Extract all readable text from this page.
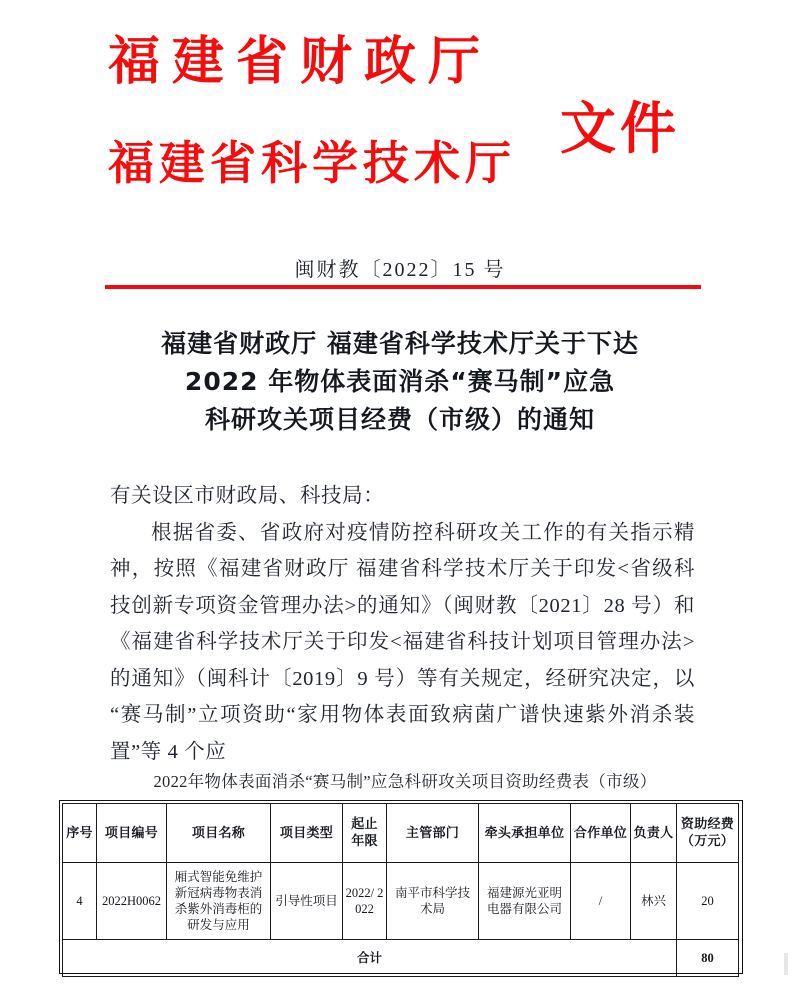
福建省财政厅
福建省科学技术厅
文件
闽财教〔2022〕15 号
福建省财政厅 福建省科学技术厅关于下达
2022 年物体表面消杀“赛马制”应急
科研攻关项目经费（市级）的通知

有关设区市财政局、科技局：

根据省委、省政府对疫情防控科研攻关工作的有关指示精神，按照《福建省财政厅 福建省科学技术厅关于印发<省级科技创新专项资金管理办法>的通知》（闽财教〔2021〕28 号）和《福建省科学技术厅关于印发<福建省科技计划项目管理办法>的通知》（闽科计〔2019〕9 号）等有关规定，经研究决定，以“赛马制”立项资助“家用物体表面致病菌广谱快速紫外消杀装置”等 4 个应

2022年物体表面消杀“赛马制”应急科研攻关项目资助经费表（市级）
序号	项目编号	项目名称	项目类型	起止年限	主管部门	牵头承担单位	合作单位	负责人	资助经费（万元）
4	2022H0062	厢式智能免维护新冠病毒物表消杀紫外消毒柜的研发与应用	引导性项目	2022/ 2022	南平市科学技术局	福建源光亚明电器有限公司	/	林兴	20
合计									80
